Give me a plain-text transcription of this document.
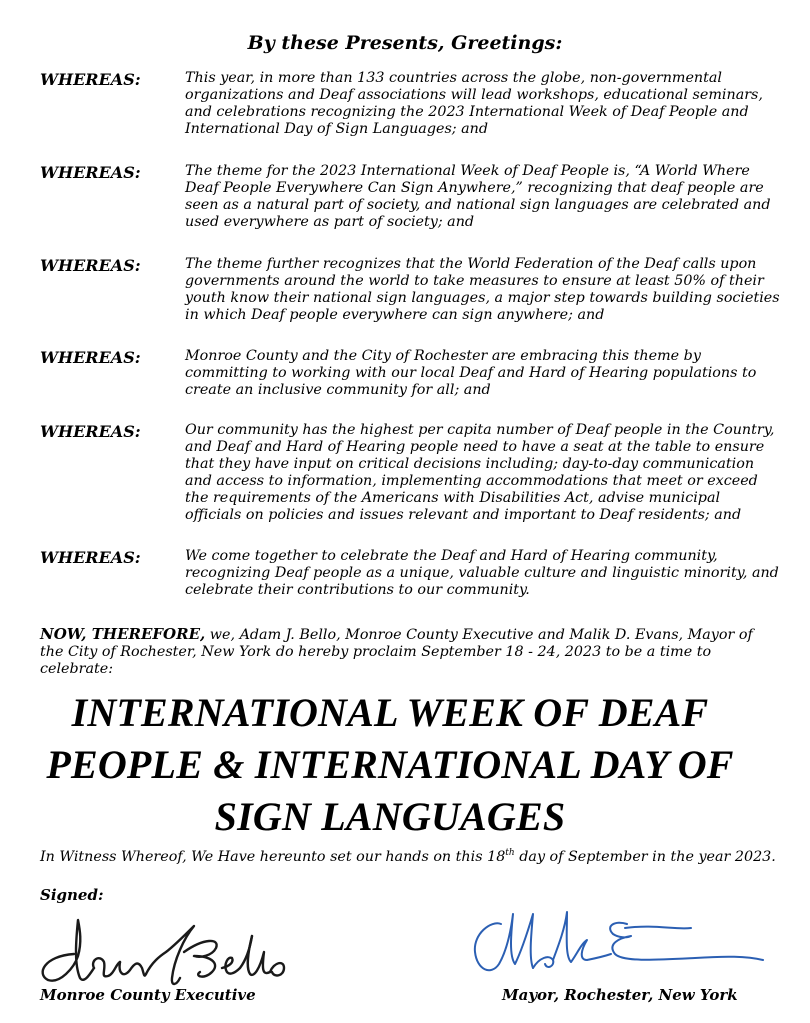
By these Presents, Greetings:
WHEREAS:	This year, in more than 133 countries across the globe, non-governmental organizations and Deaf associations will lead workshops, educational seminars, and celebrations recognizing the 2023 International Week of Deaf People and International Day of Sign Languages; and
WHEREAS:	The theme for the 2023 International Week of Deaf People is, “A World Where Deaf People Everywhere Can Sign Anywhere,” recognizing that deaf people are seen as a natural part of society, and national sign languages are celebrated and used everywhere as part of society; and
WHEREAS:	The theme further recognizes that the World Federation of the Deaf calls upon governments around the world to take measures to ensure at least 50% of their youth know their national sign languages, a major step towards building societies in which Deaf people everywhere can sign anywhere; and
WHEREAS:	Monroe County and the City of Rochester are embracing this theme by committing to working with our local Deaf and Hard of Hearing populations to create an inclusive community for all; and
WHEREAS:	Our community has the highest per capita number of Deaf people in the Country, and Deaf and Hard of Hearing people need to have a seat at the table to ensure that they have input on critical decisions including; day-to-day communication and access to information, implementing accommodations that meet or exceed the requirements of the Americans with Disabilities Act, advise municipal officials on policies and issues relevant and important to Deaf residents; and
WHEREAS:	We come together to celebrate the Deaf and Hard of Hearing community, recognizing Deaf people as a unique, valuable culture and linguistic minority, and celebrate their contributions to our community.
NOW, THEREFORE, we, Adam J. Bello, Monroe County Executive and Malik D. Evans, Mayor of the City of Rochester, New York do hereby proclaim September 18 - 24, 2023 to be a time to celebrate:
INTERNATIONAL WEEK OF DEAF
PEOPLE & INTERNATIONAL DAY OF
SIGN LANGUAGES
In Witness Whereof, We Have hereunto set our hands on this 18th day of September in the year 2023.
Signed:
Monroe County Executive	Mayor, Rochester, New York
